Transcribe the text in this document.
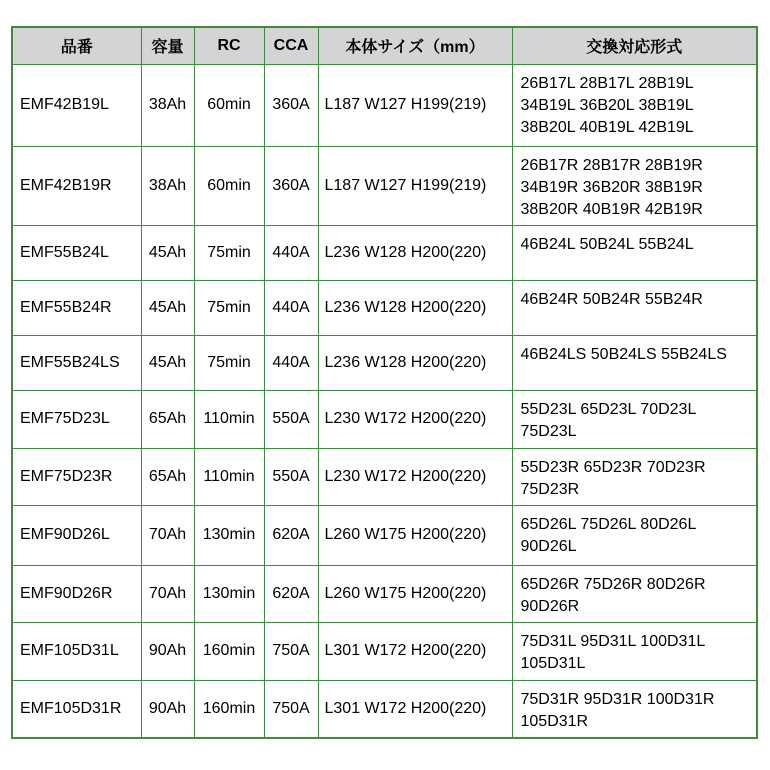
品番	容量	RC	CCA	本体サイズ（mm）	交換対応形式
EMF42B19L	38Ah	60min	360A	L187 W127 H199(219)	26B17L 28B17L 28B19L 34B19L 36B20L 38B19L 38B20L 40B19L 42B19L
EMF42B19R	38Ah	60min	360A	L187 W127 H199(219)	26B17R 28B17R 28B19R 34B19R 36B20R 38B19R 38B20R 40B19R 42B19R
EMF55B24L	45Ah	75min	440A	L236 W128 H200(220)	46B24L 50B24L 55B24L
EMF55B24R	45Ah	75min	440A	L236 W128 H200(220)	46B24R 50B24R 55B24R
EMF55B24LS	45Ah	75min	440A	L236 W128 H200(220)	46B24LS 50B24LS 55B24LS
EMF75D23L	65Ah	110min	550A	L230 W172 H200(220)	55D23L 65D23L 70D23L 75D23L
EMF75D23R	65Ah	110min	550A	L230 W172 H200(220)	55D23R 65D23R 70D23R 75D23R
EMF90D26L	70Ah	130min	620A	L260 W175 H200(220)	65D26L 75D26L 80D26L 90D26L
EMF90D26R	70Ah	130min	620A	L260 W175 H200(220)	65D26R 75D26R 80D26R 90D26R
EMF105D31L	90Ah	160min	750A	L301 W172 H200(220)	75D31L 95D31L 100D31L 105D31L
EMF105D31R	90Ah	160min	750A	L301 W172 H200(220)	75D31R 95D31R 100D31R 105D31R
